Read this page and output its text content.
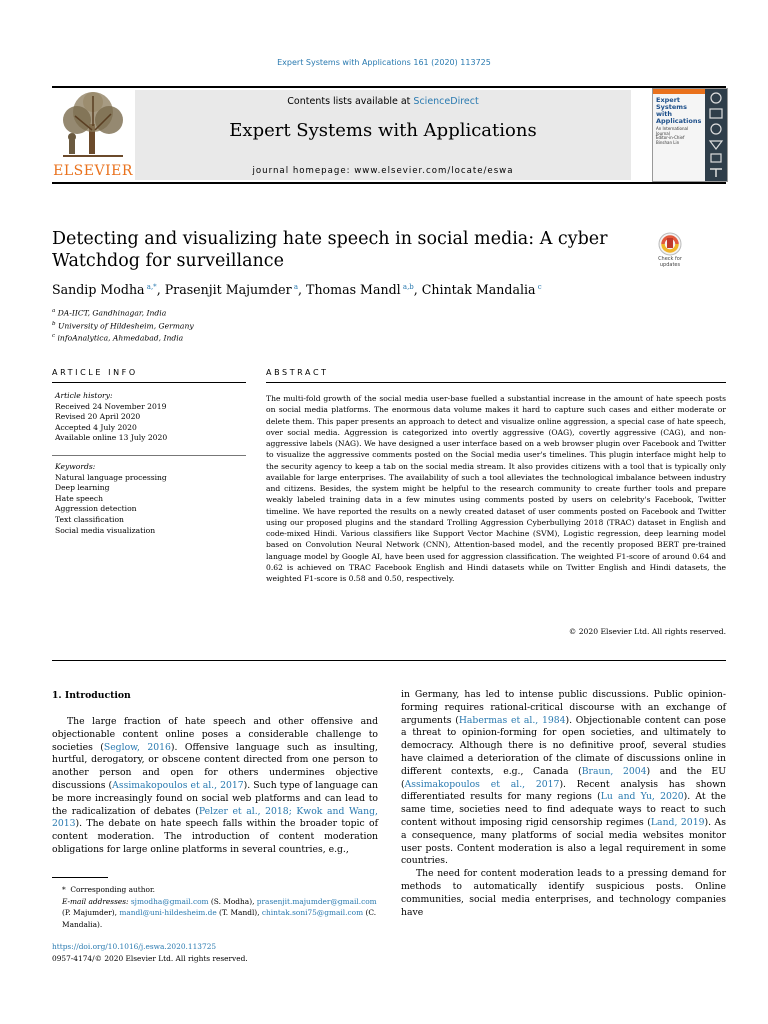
Expert Systems with Applications 161 (2020) 113725
ELSEVIER
Contents lists available at ScienceDirect
Expert Systems with Applications
journal homepage: www.elsevier.com/locate/eswa
Expert Systems with Applications
An International Journal
Editor-in-Chief Binshan Lin
Detecting and visualizing hate speech in social media: A cyber Watchdog for surveillance	Check for updates
Sandip Modha $^{a,*}$, Prasenjit Majumder $^a$, Thomas Mandl $^{a,b}$, Chintak Mandalia $^c$
$^a$ DA-IICT, Gandhinagar, India
$^b$ University of Hildesheim, Germany
$^c$ infoAnalytica, Ahmedabad, India
ARTICLE INFO	ABSTRACT
Article history:
Received 24 November 2019
Revised 20 April 2020
Accepted 4 July 2020
Available online 13 July 2020
Keywords:
Natural language processing
Deep learning
Hate speech
Aggression detection
Text classification
Social media visualization
The multi-fold growth of the social media user-base fuelled a substantial increase in the amount of hate speech posts on social media platforms. The enormous data volume makes it hard to capture such cases and either moderate or delete them. This paper presents an approach to detect and visualize online aggression, a special case of hate speech, over social media. Aggression is categorized into overtly aggressive (OAG), covertly aggressive (CAG), and non-aggressive labels (NAG). We have designed a user interface based on a web browser plugin over Facebook and Twitter to visualize the aggressive comments posted on the Social media user's timelines. This plugin interface might help to the security agency to keep a tab on the social media stream. It also provides citizens with a tool that is typically only available for large enterprises. The availability of such a tool alleviates the technological imbalance between industry and citizens. Besides, the system might be helpful to the research community to create further tools and prepare weakly labeled training data in a few minutes using comments posted by users on celebrity's Facebook, Twitter timeline. We have reported the results on a newly created dataset of user comments posted on Facebook and Twitter using our proposed plugins and the standard Trolling Aggression Cyberbullying 2018 (TRAC) dataset in English and code-mixed Hindi. Various classifiers like Support Vector Machine (SVM), Logistic regression, deep learning model based on Convolution Neural Network (CNN), Attention-based model, and the recently proposed BERT pre-trained language model by Google AI, have been used for aggression classification. The weighted F1-score of around 0.64 and 0.62 is achieved on TRAC Facebook English and Hindi datasets while on Twitter English and Hindi datasets, the weighted F1-score is 0.58 and 0.50, respectively.
© 2020 Elsevier Ltd. All rights reserved.
1. Introduction

The large fraction of hate speech and other offensive and objectionable content online poses a considerable challenge to societies (Seglow, 2016). Offensive language such as insulting, hurtful, derogatory, or obscene content directed from one person to another person and open for others undermines objective discussions (Assimakopoulos et al., 2017). Such type of language can be more increasingly found on social web platforms and can lead to the radicalization of debates (Pelzer et al., 2018; Kwok and Wang, 2013). The debate on hate speech falls within the broader topic of content moderation. The introduction of content moderation obligations for large online platforms in several countries, e.g.,

in Germany, has led to intense public discussions. Public opinion-forming requires rational-critical discourse with an exchange of arguments (Habermas et al., 1984). Objectionable content can pose a threat to opinion-forming for open societies, and ultimately to democracy. Although there is no definitive proof, several studies have claimed a deterioration of the climate of discussions online in different contexts, e.g., Canada (Braun, 2004) and the EU (Assimakopoulos et al., 2017). Recent analysis has shown differentiated results for many regions (Lu and Yu, 2020). At the same time, societies need to find adequate ways to react to such content without imposing rigid censorship regimes (Land, 2019). As a consequence, many platforms of social media websites monitor user posts. Content moderation is also a legal requirement in some countries.

The need for content moderation leads to a pressing demand for methods to automatically identify suspicious posts. Online communities, social media enterprises, and technology companies have

* Corresponding author.
E-mail addresses: sjmodha@gmail.com (S. Modha), prasenjit.majumder@gmail.com (P. Majumder), mandl@uni-hildesheim.de (T. Mandl), chintak.soni75@gmail.com (C. Mandalia).
https://doi.org/10.1016/j.eswa.2020.113725
0957-4174/© 2020 Elsevier Ltd. All rights reserved.
